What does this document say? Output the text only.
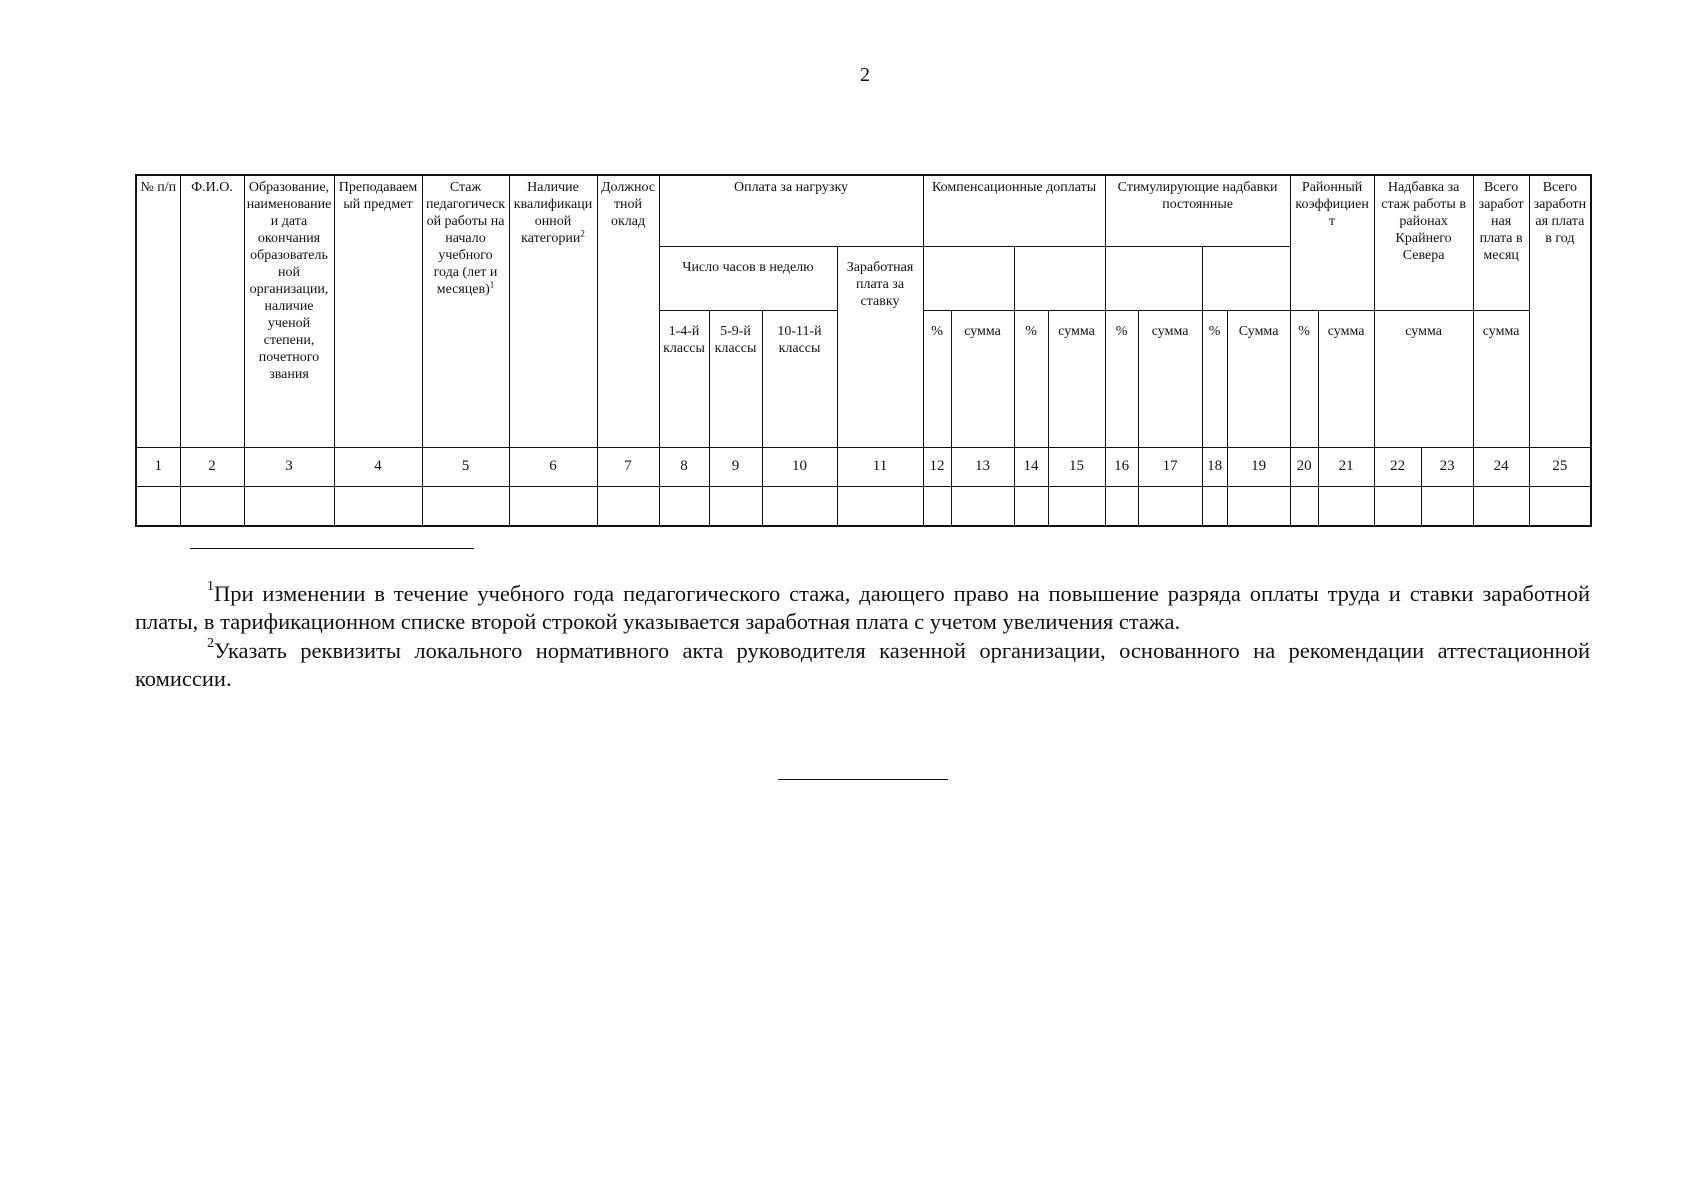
2
№ п/п	Ф.И.О.	Образование, наименование и дата окончания образовательной организации, наличие ученой степени, почетного звания	Преподаваемый предмет	Стаж педагогической работы на начало учебного года (лет и месяцев)$^1$	Наличие квалификационной категории$^2$	Должностной оклад	Оплата за нагрузку				Компенсационные доплаты				Стимулирующие надбавки постоянные				Районный коэффициент		Надбавка за стаж работы в районах Крайнего Севера		Всего заработная плата в месяц	Всего заработная плата в год
							Число часов в неделю			Заработная плата за ставку														
							1-4-й классы	5-9-й классы	10-11-й классы		%	сумма	%	сумма	%	сумма	%	Сумма	%	сумма	сумма		сумма	
1	2	3	4	5	6	7	8	9	10	11	12	13	14	15	16	17	18	19	20	21	22	23	24	25

$^1$При изменении в течение учебного года педагогического стажа, дающего право на повышение разряда оплаты труда и ставки заработной платы, в тарификационном списке второй строкой указывается заработная плата с учетом увеличения стажа.

$^2$Указать реквизиты локального нормативного акта руководителя казенной организации, основанного на рекомендации аттестационной комиссии.
